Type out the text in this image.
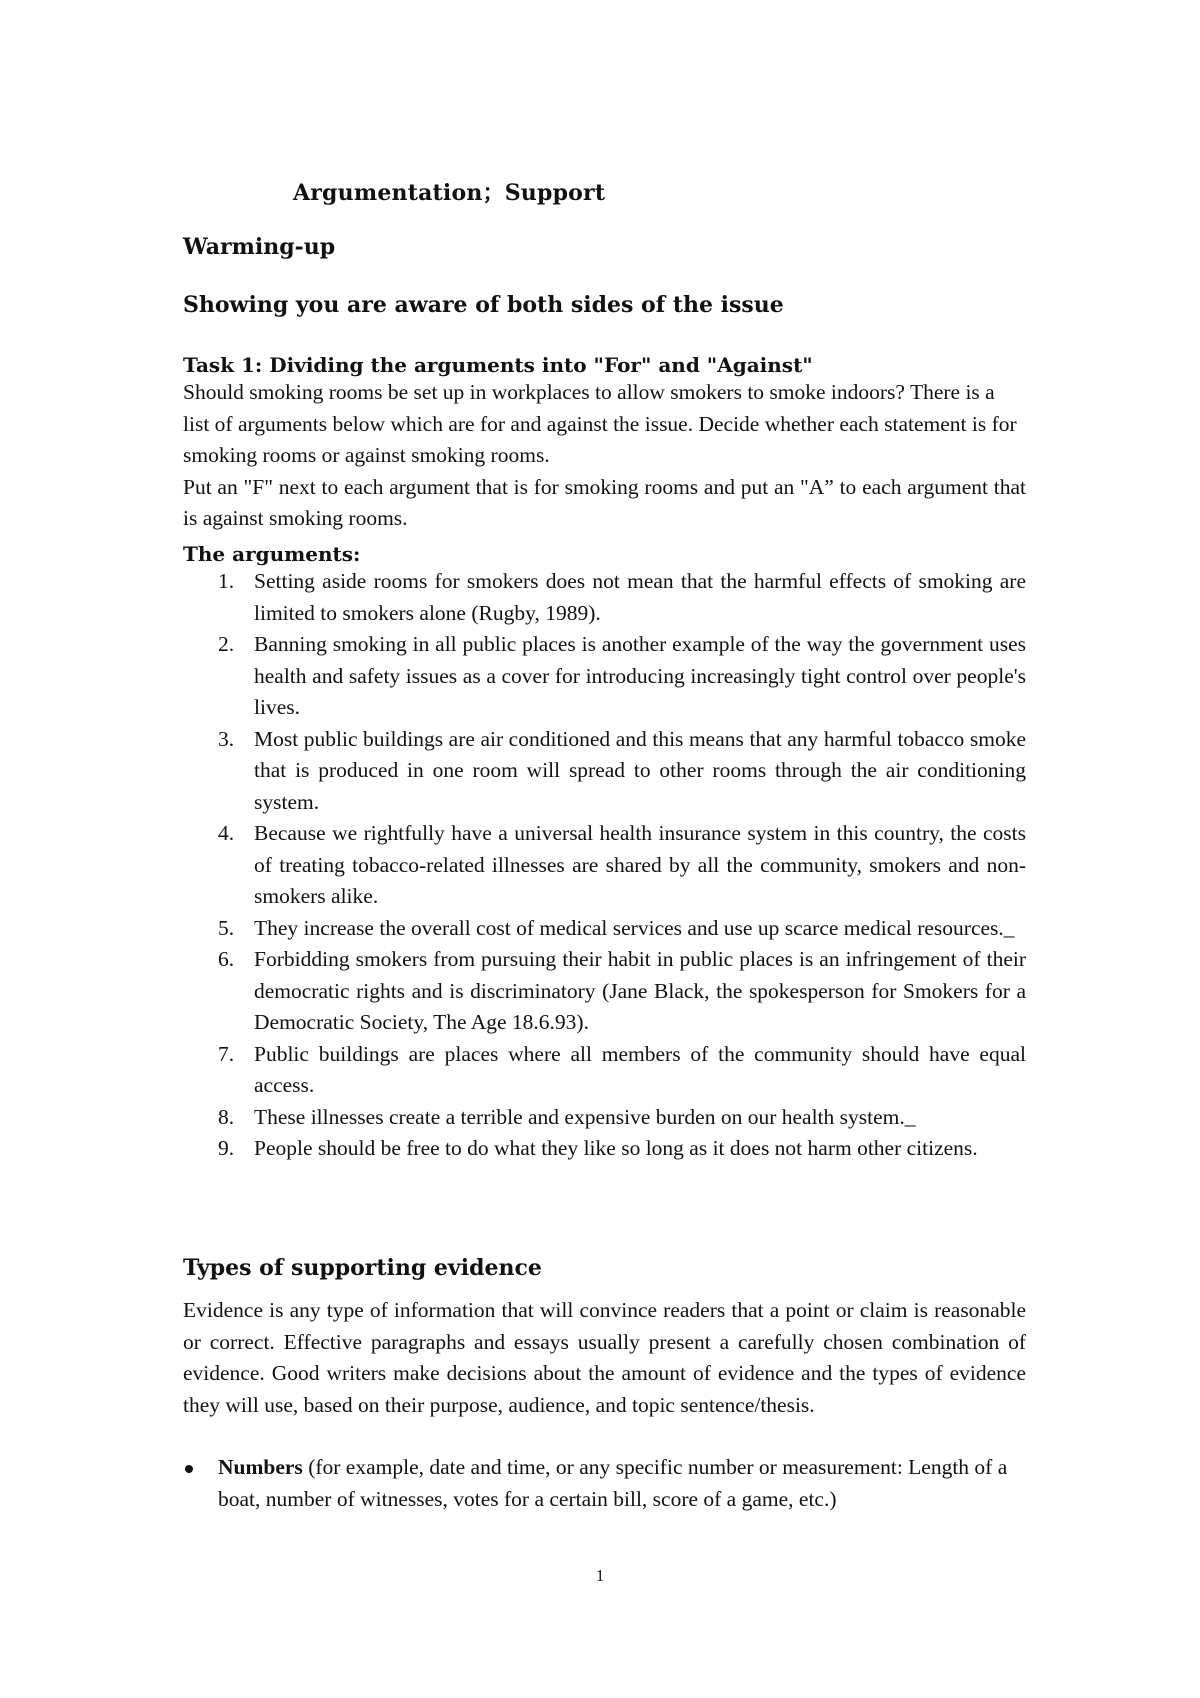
Argumentation；Support
Warming-up
Showing you are aware of both sides of the issue
Task 1: Dividing the arguments into "For" and "Against"

Should smoking rooms be set up in workplaces to allow smokers to smoke indoors? There is a list of arguments below which are for and against the issue. Decide whether each statement is for smoking rooms or against smoking rooms.

Put an "F" next to each argument that is for smoking rooms and put an "A” to each argument that is against smoking rooms.

The arguments:
1. Setting aside rooms for smokers does not mean that the harmful effects of smoking are limited to smokers alone (Rugby, 1989).
2. Banning smoking in all public places is another example of the way the government uses health and safety issues as a cover for introducing increasingly tight control over people's lives.
3. Most public buildings are air conditioned and this means that any harmful tobacco smoke that is produced in one room will spread to other rooms through the air conditioning system.
4. Because we rightfully have a universal health insurance system in this country, the costs of treating tobacco-related illnesses are shared by all the community, smokers and non-smokers alike.
5. They increase the overall cost of medical services and use up scarce medical resources._
6. Forbidding smokers from pursuing their habit in public places is an infringement of their democratic rights and is discriminatory (Jane Black, the spokesperson for Smokers for a Democratic Society, The Age 18.6.93).
7. Public buildings are places where all members of the community should have equal access.
8. These illnesses create a terrible and expensive burden on our health system._
9. People should be free to do what they like so long as it does not harm other citizens.
Types of supporting evidence
Evidence is any type of information that will convince readers that a point or claim is reasonable or correct. Effective paragraphs and essays usually present a carefully chosen combination of evidence. Good writers make decisions about the amount of evidence and the types of evidence they will use, based on their purpose, audience, and topic sentence/thesis.
Numbers (for example, date and time, or any specific number or measurement: Length of a boat, number of witnesses, votes for a certain bill, score of a game, etc.)
1
